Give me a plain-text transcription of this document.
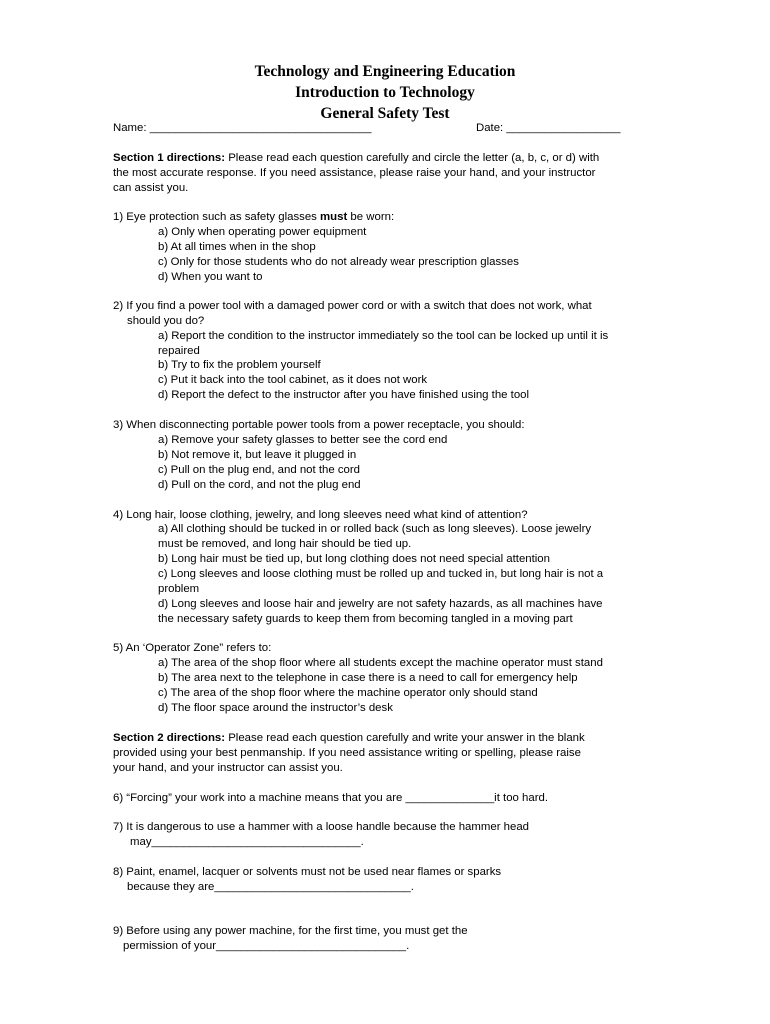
Technology and Engineering Education
Introduction to Technology
General Safety Test
Name: ___________________________________	Date: __________________
Section 1 directions: Please read each question carefully and circle the letter (a, b, c, or d) with
the most accurate response. If you need assistance, please raise your hand, and your instructor
can assist you.
1) Eye protection such as safety glasses must be worn:
a) Only when operating power equipment
b) At all times when in the shop
c) Only for those students who do not already wear prescription glasses
d) When you want to
2) If you find a power tool with a damaged power cord or with a switch that does not work, what
should you do?
a) Report the condition to the instructor immediately so the tool can be locked up until it is
repaired
b) Try to fix the problem yourself
c) Put it back into the tool cabinet, as it does not work
d) Report the defect to the instructor after you have finished using the tool
3) When disconnecting portable power tools from a power receptacle, you should:
a) Remove your safety glasses to better see the cord end
b) Not remove it, but leave it plugged in
c) Pull on the plug end, and not the cord
d) Pull on the cord, and not the plug end
4) Long hair, loose clothing, jewelry, and long sleeves need what kind of attention?
a) All clothing should be tucked in or rolled back (such as long sleeves). Loose jewelry
must be removed, and long hair should be tied up.
b) Long hair must be tied up, but long clothing does not need special attention
c) Long sleeves and loose clothing must be rolled up and tucked in, but long hair is not a
problem
d) Long sleeves and loose hair and jewelry are not safety hazards, as all machines have
the necessary safety guards to keep them from becoming tangled in a moving part
5) An ‘Operator Zone” refers to:
a) The area of the shop floor where all students except the machine operator must stand
b) The area next to the telephone in case there is a need to call for emergency help
c) The area of the shop floor where the machine operator only should stand
d) The floor space around the instructor’s desk
Section 2 directions: Please read each question carefully and write your answer in the blank
provided using your best penmanship. If you need assistance writing or spelling, please raise
your hand, and your instructor can assist you.
6) “Forcing” your work into a machine means that you are ______________it too hard.
7) It is dangerous to use a hammer with a loose handle because the hammer head
may_________________________________.
8) Paint, enamel, lacquer or solvents must not be used near flames or sparks
because they are_______________________________.
9) Before using any power machine, for the first time, you must get the
permission of your______________________________.
